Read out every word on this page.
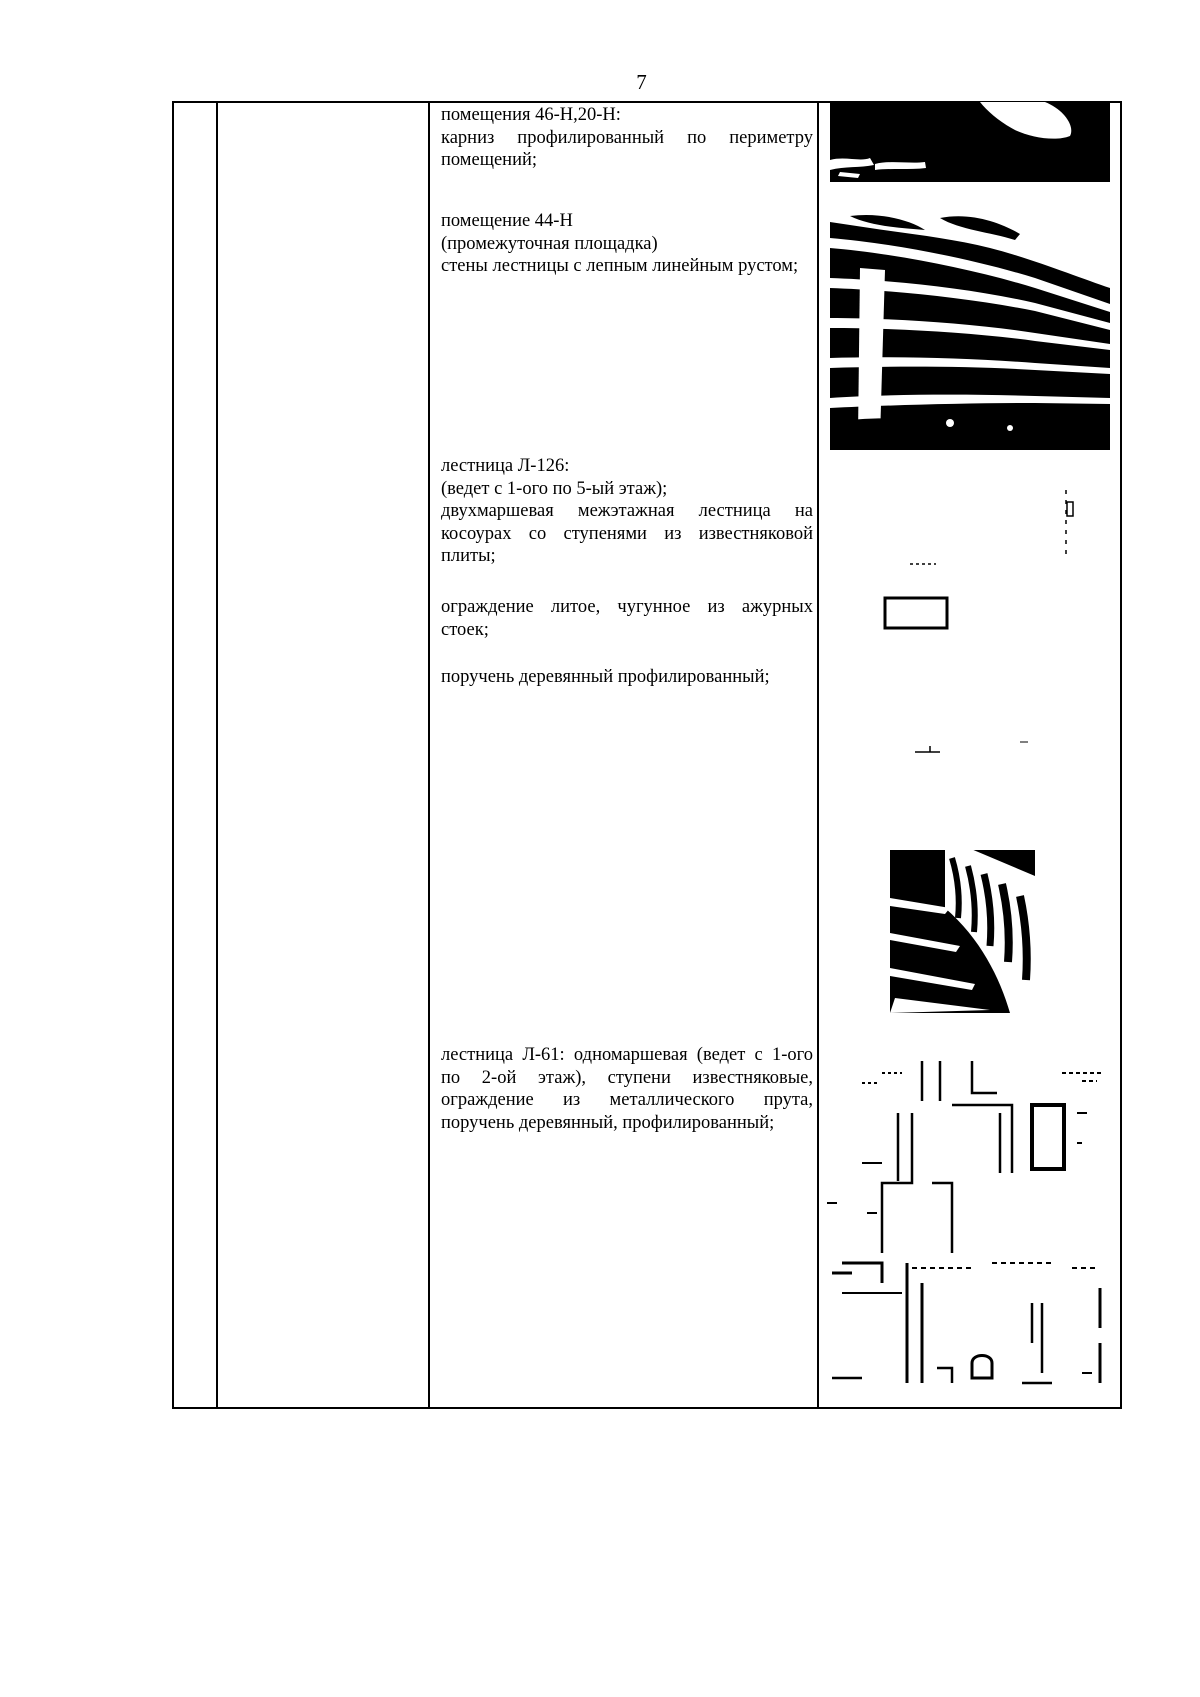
7

помещения 46-Н,20-Н:

карниз профилированный по периметру помещений;

помещение 44-Н

(промежуточная площадка)

стены лестницы с лепным линейным рустом;

лестница Л-126:

(ведет с 1-ого по 5-ый этаж);

двухмаршевая межэтажная лестница на косоурах со ступенями из известняковой плиты;

ограждение литое, чугунное из ажурных стоек;

поручень деревянный профилированный;

лестница Л-61: одномаршевая (ведет с 1-ого по 2-ой этаж), ступени известняковые, ограждение из металлического прута, поручень деревянный, профилированный;
